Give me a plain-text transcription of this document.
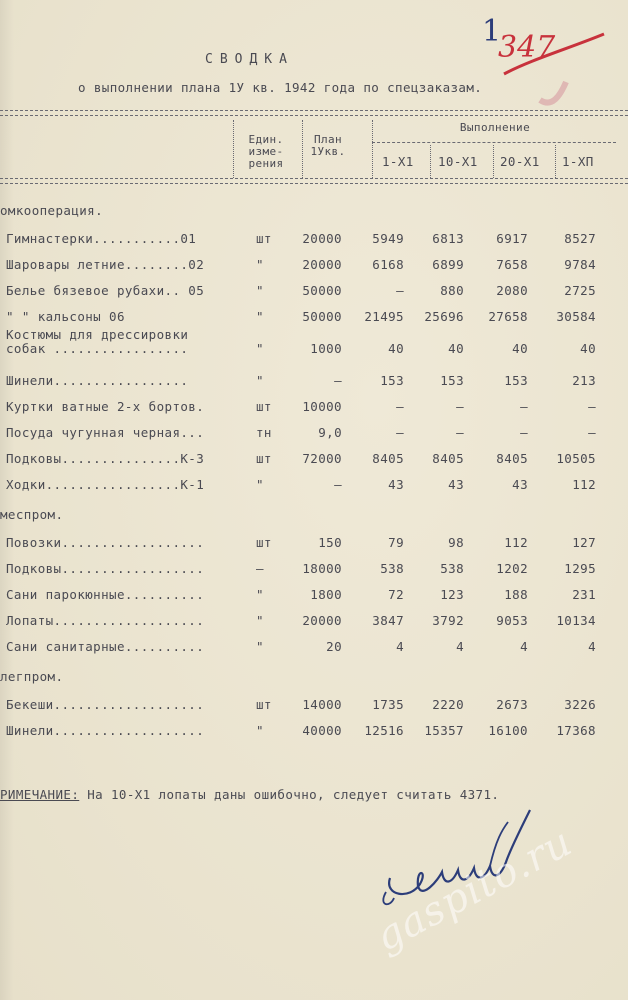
1
347
СВОДКА
о выполнении плана 1У кв. 1942 года по спецзаказам.
Един.
изме-
рения
План
1Укв.
Выполнение
1-Х1 10-Х1 20-Х1 1-ХП
омкооперация.
Гимнастерки...........01	шт 20000 5949 6813	6917	8527
Шаровары летние........02	"	20000 6168 6899	7658	9784
Белье бязевое рубахи.. 05	"	50000	–	880	2080	2725
" " кальсоны 06	"	50000 21495 25696 27658 30584
Костюмы для дрессировки
собак .................	"	1000	40	40	40	40
Шинели.................	"	–	153	153	153	213
Куртки ватные 2-х бортов.	шт 10000	–	–	–	–
Посуда чугунная черная...	тн	9,0	–	–	–	–
Подковы...............К-3	шт 72000 8405 8405	8405 10505
Ходки.................К-1	"	–	43	43	43	112
меспром.
Повозки..................	шт	150	79	98	112	127
Подковы..................	–	18000	538	538	1202	1295
Сани парокюнные..........	"	1800	72	123	188	231
Лопаты...................	"	20000 3847 3792	9053 10134
Сани санитарные..........	"	20	4	4	4	4
легпром.
Бекеши...................	шт 14000 1735 2220	2673	3226
Шинели...................	"	40000 12516 15357 16100 17368
РИМЕЧАНИЕ: На 10-Х1 лопаты даны ошибочно, следует считать 4371.
gaspito.ru
